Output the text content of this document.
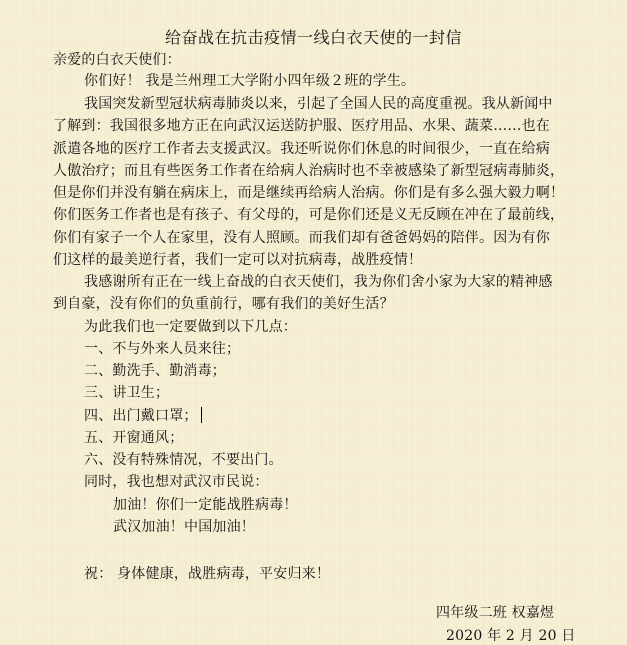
给奋战在抗击疫情一线白衣天使的一封信
亲爱的白衣天使们：
你们好！ 我是兰州理工大学附小四年级２班的学生。
我国突发新型冠状病毒肺炎以来，引起了全国人民的高度重视。我从新闻中
了解到：我国很多地方正在向武汉运送防护服、医疗用品、水果、蔬菜……也在
派遣各地的医疗工作者去支援武汉。我还听说你们休息的时间很少，一直在给病
人傲治疗；而且有些医务工作者在给病人治病时也不幸被感染了新型冠病毒肺炎，
但是你们并没有躺在病床上，而是继续再给病人治病。你们是有多么强大毅力啊！
你们医务工作者也是有孩子、有父母的，可是你们还是义无反顾在冲在了最前线，
你们有家子一个人在家里，没有人照顾。而我们却有爸爸妈妈的陪伴。因为有你
们这样的最美逆行者，我们一定可以对抗病毒，战胜疫情！
我感谢所有正在一线上奋战的白衣天使们，我为你们舍小家为大家的精神感
到自豪，没有你们的负重前行，哪有我们的美好生活？
为此我们也一定要做到以下几点：
一、不与外来人员来往；
二、勤洗手、勤消毒；
三、讲卫生；
四、出门戴口罩；
五、开窗通风；
六、没有特殊情况，不要出门。
同时，我也想对武汉市民说：
加油！你们一定能战胜病毒！
武汉加油！中国加油！
祝： 身体健康，战胜病毒，平安归来！
四年级二班 权嘉煜
2020 年 2 月 20 日
